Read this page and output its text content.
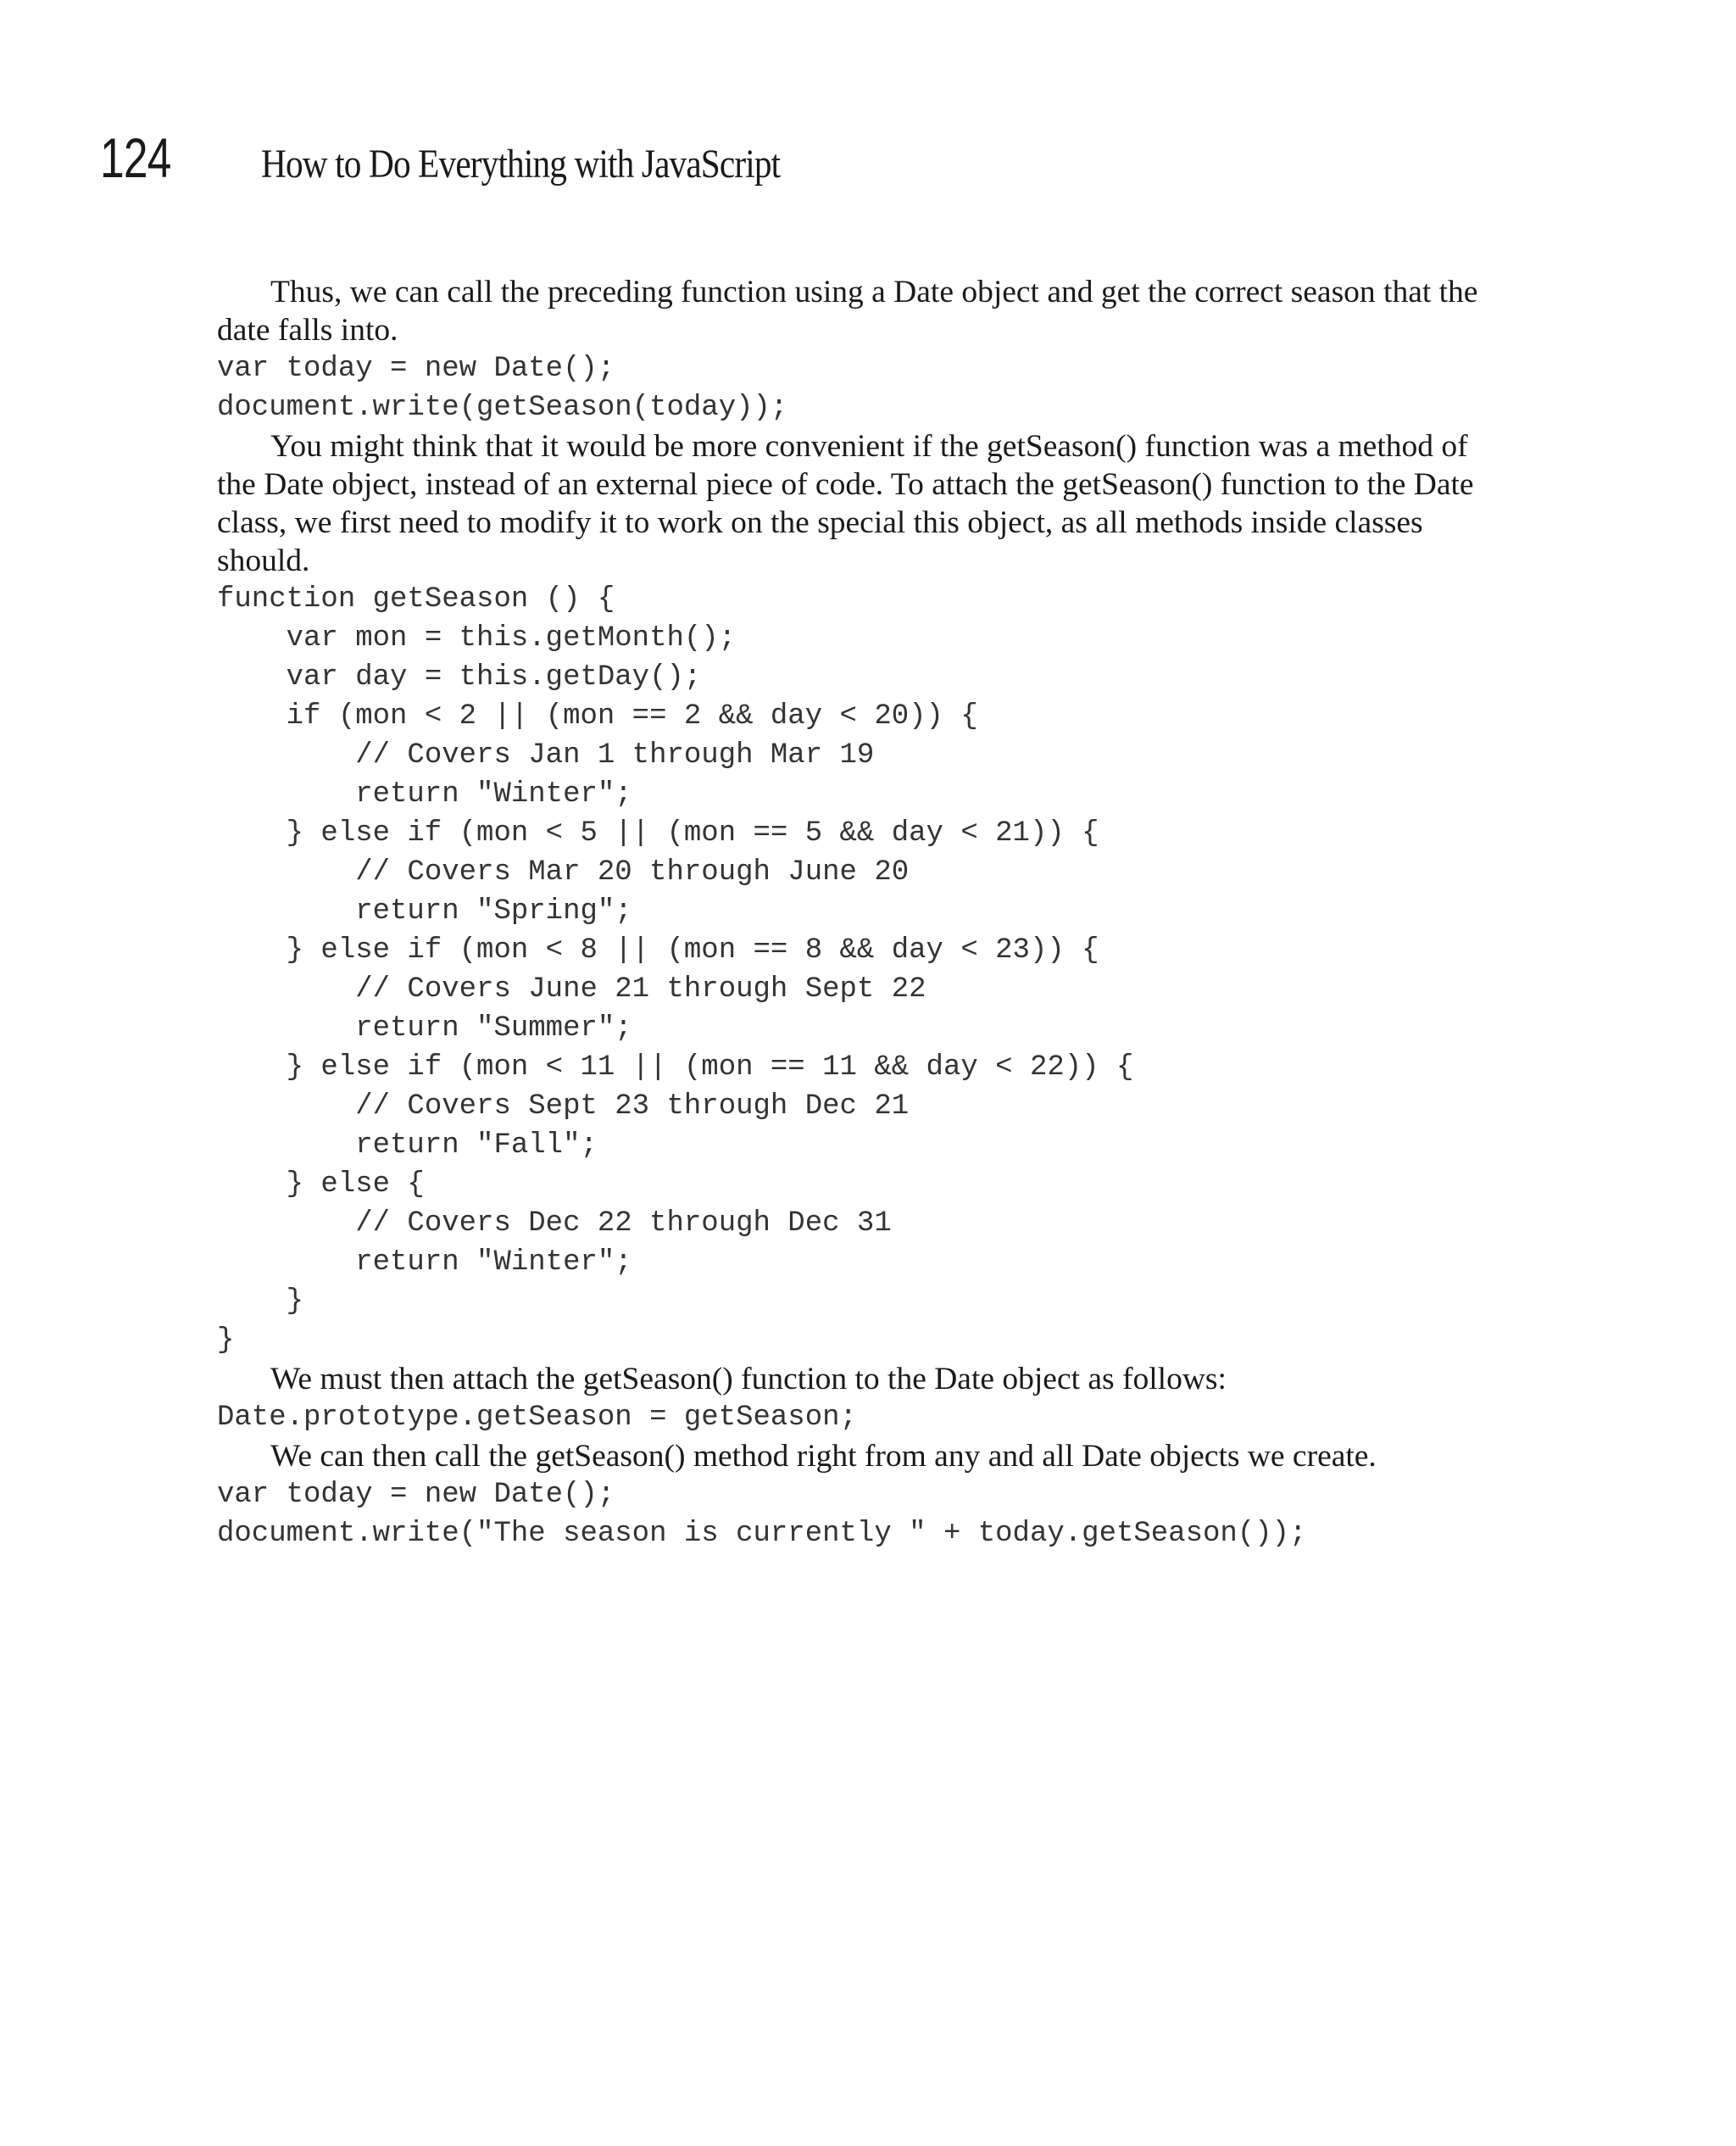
124 How to Do Everything with JavaScript

Thus, we can call the preceding function using a Date object and get the correct season that the date falls into.

var today = new Date();
document.write(getSeason(today));

You might think that it would be more convenient if the getSeason() function was a method of the Date object, instead of an external piece of code. To attach the getSeason() function to the Date class, we first need to modify it to work on the special this object, as all methods inside classes should.

function getSeason () {
var mon = this.getMonth();
var day = this.getDay();
if (mon < 2 || (mon == 2 && day < 20)) {
// Covers Jan 1 through Mar 19
return "Winter";
} else if (mon < 5 || (mon == 5 && day < 21)) {
// Covers Mar 20 through June 20
return "Spring";
} else if (mon < 8 || (mon == 8 && day < 23)) {
// Covers June 21 through Sept 22
return "Summer";
} else if (mon < 11 || (mon == 11 && day < 22)) {
// Covers Sept 23 through Dec 21
return "Fall";
} else {
// Covers Dec 22 through Dec 31
return "Winter";
}
}

We must then attach the getSeason() function to the Date object as follows:

Date.prototype.getSeason = getSeason;

We can then call the getSeason() method right from any and all Date objects we create.

var today = new Date();
document.write("The season is currently " + today.getSeason());
